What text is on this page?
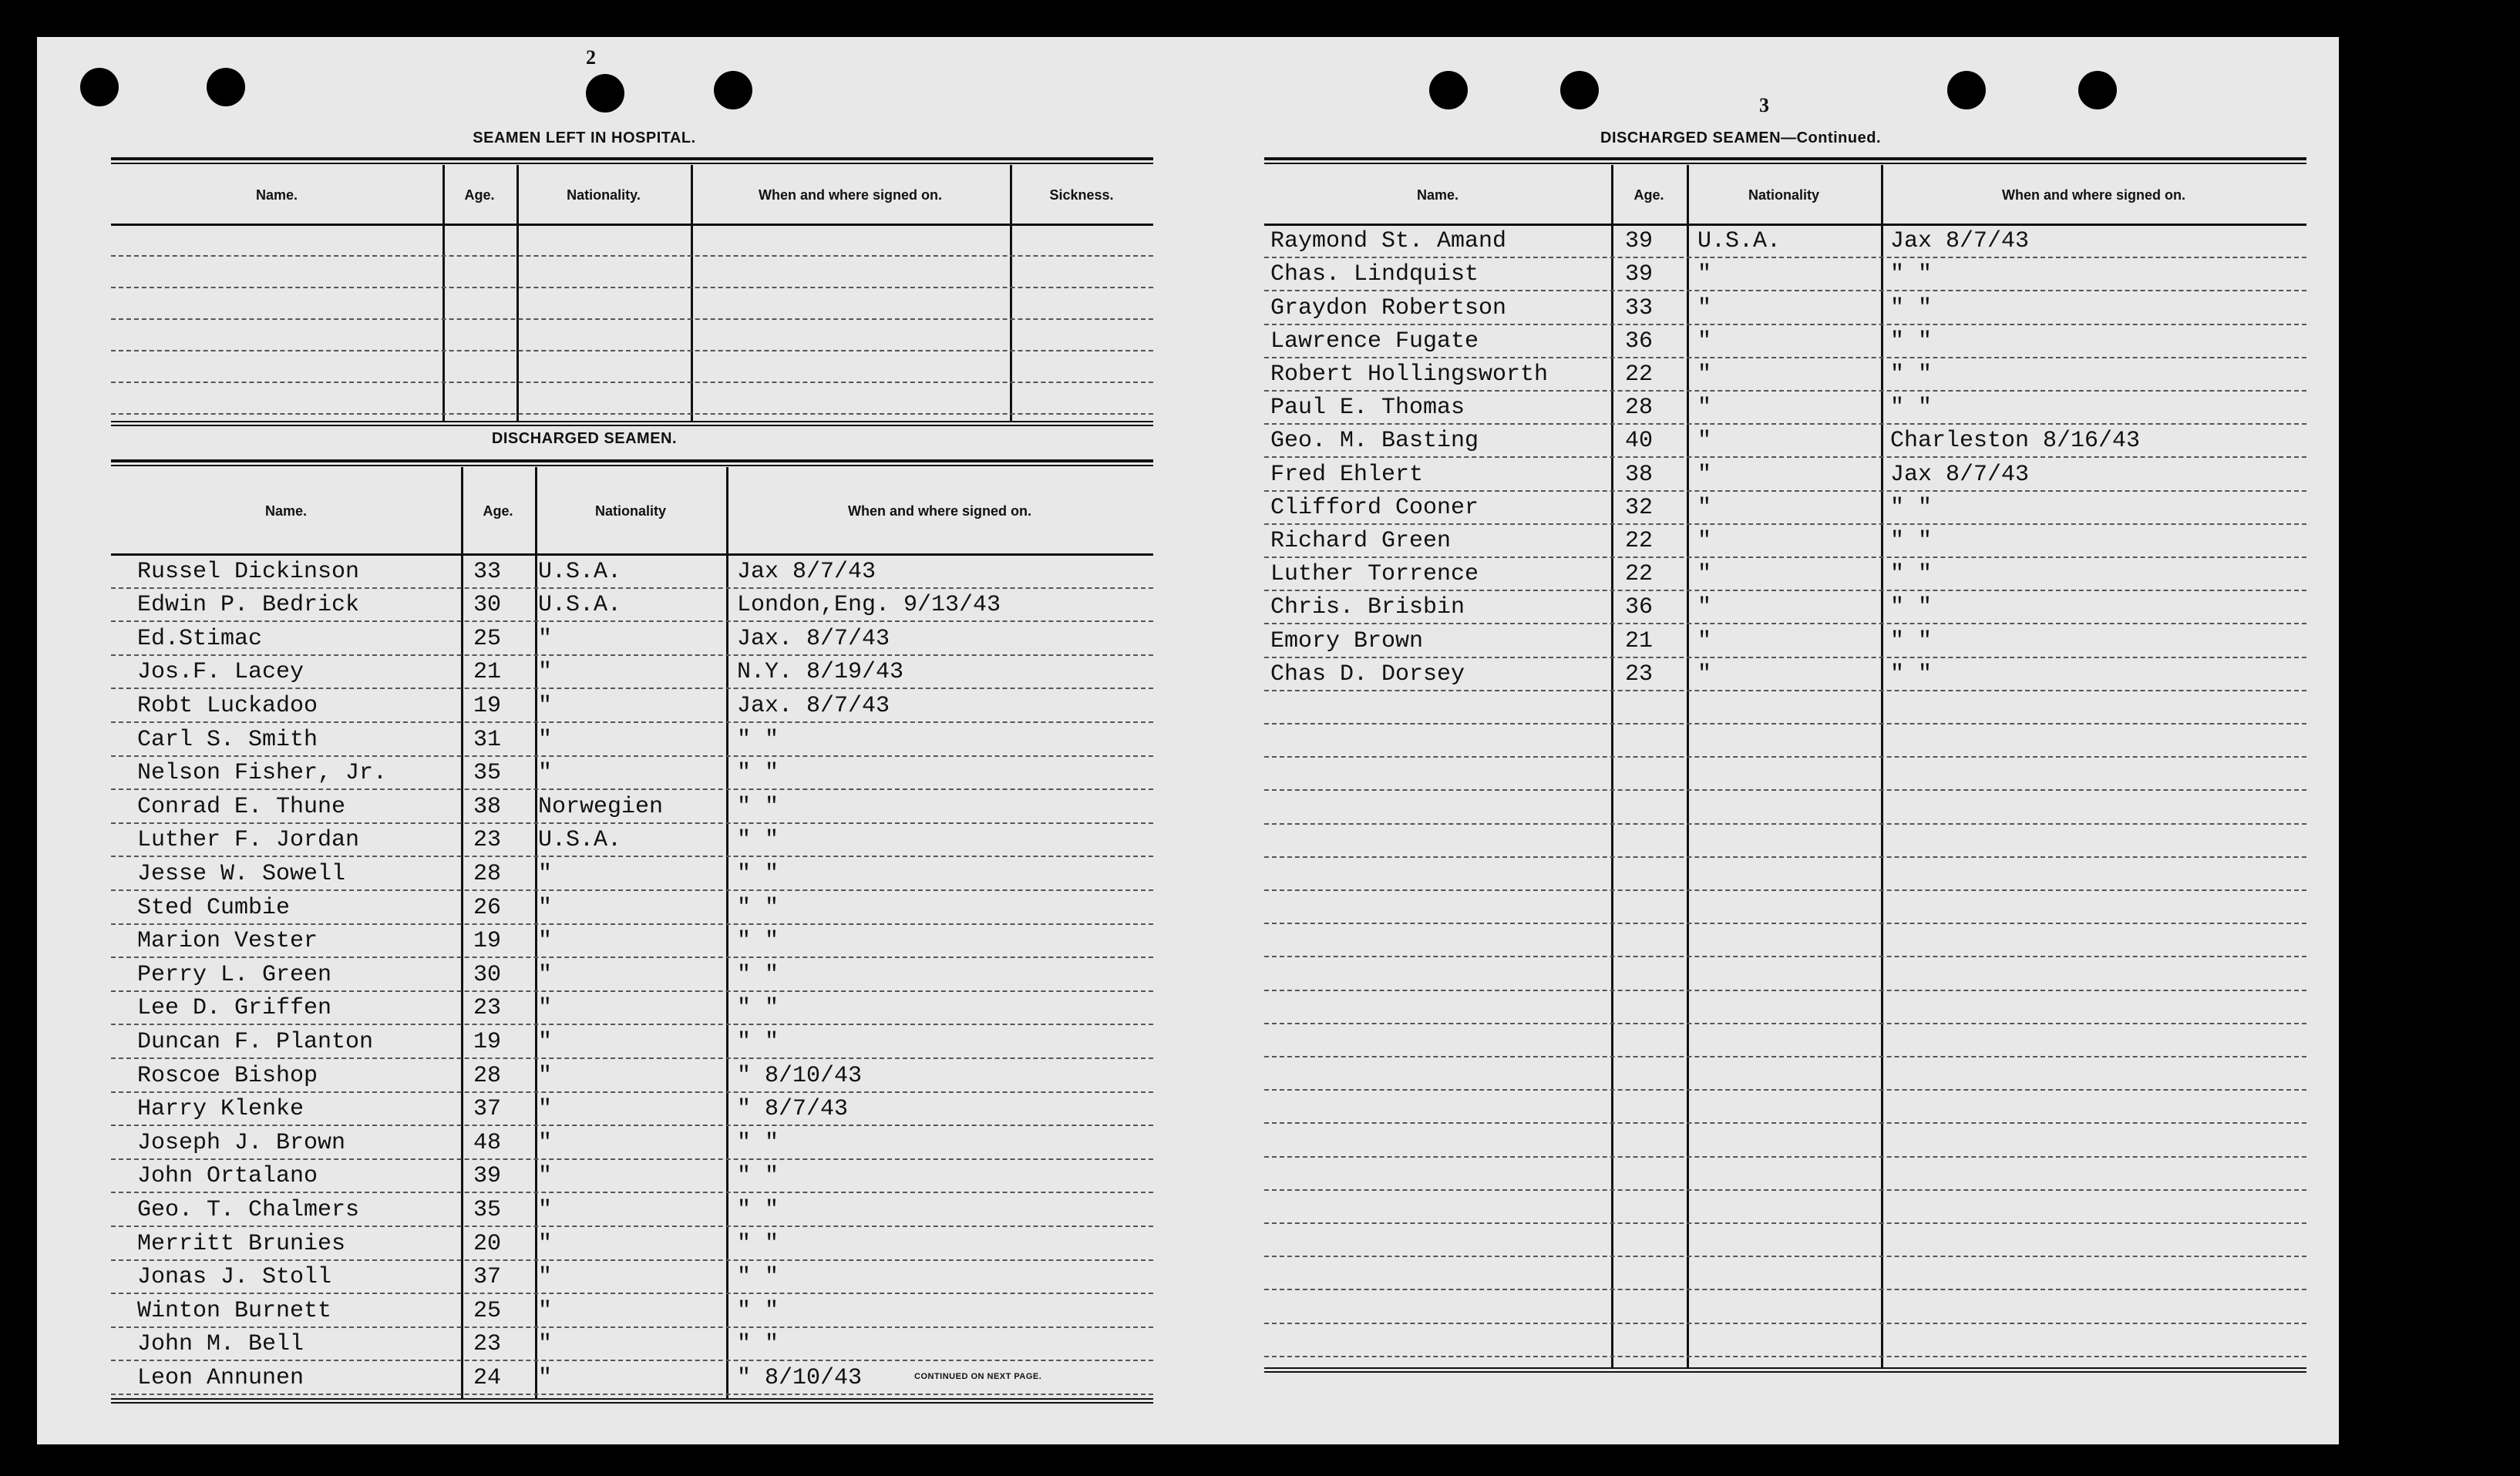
2
3
SEAMEN LEFT IN HOSPITAL.
DISCHARGED SEAMEN.
DISCHARGED SEAMEN—Continued.
Name.	Age.	Nationality.	When and where signed on.	Sickness.
Name.	Age.	Nationality	When and where signed on.
Russel Dickinson	33 U.S.A.	Jax 8/7/43
Edwin P. Bedrick	30 U.S.A.	London,Eng. 9/13/43
Ed.Stimac	25 "	Jax. 8/7/43
Jos.F. Lacey	21 "	N.Y. 8/19/43
Robt Luckadoo	19 "	Jax. 8/7/43
Carl S. Smith	31 "	" "
Nelson Fisher, Jr.	35 "	" "
Conrad E. Thune	38 Norwegien	" "
Luther F. Jordan	23 U.S.A.	" "
Jesse W. Sowell	28 "	" "
Sted Cumbie	26 "	" "
Marion Vester	19 "	" "
Perry L. Green	30 "	" "
Lee D. Griffen	23 "	" "
Duncan F. Planton	19 "	" "
Roscoe Bishop	28 "	" 8/10/43
Harry Klenke	37 "	" 8/7/43
Joseph J. Brown	48 "	" "
John Ortalano	39 "	" "
Geo. T. Chalmers	35 "	" "
Merritt Brunies	20 "	" "
Jonas J. Stoll	37 "	" "
Winton Burnett	25 "	" "
John M. Bell	23 "	" "
Leon Annunen	24 "	" 8/10/43
Name.	Age.	Nationality	When and where signed on.
Raymond St. Amand	39 U.S.A.	Jax 8/7/43
Chas. Lindquist	39 "	" "
Graydon Robertson	33 "	" "
Lawrence Fugate	36 "	" "
Robert Hollingsworth	22 "	" "
Paul E. Thomas	28 "	" "
Geo. M. Basting	40 "	Charleston 8/16/43
Fred Ehlert	38 "	Jax 8/7/43
Clifford Cooner	32 "	" "
Richard Green	22 "	" "
Luther Torrence	22 "	" "
Chris. Brisbin	36 "	" "
Emory Brown	21 "	" "
Chas D. Dorsey	23 "	" "
CONTINUED ON NEXT PAGE.
